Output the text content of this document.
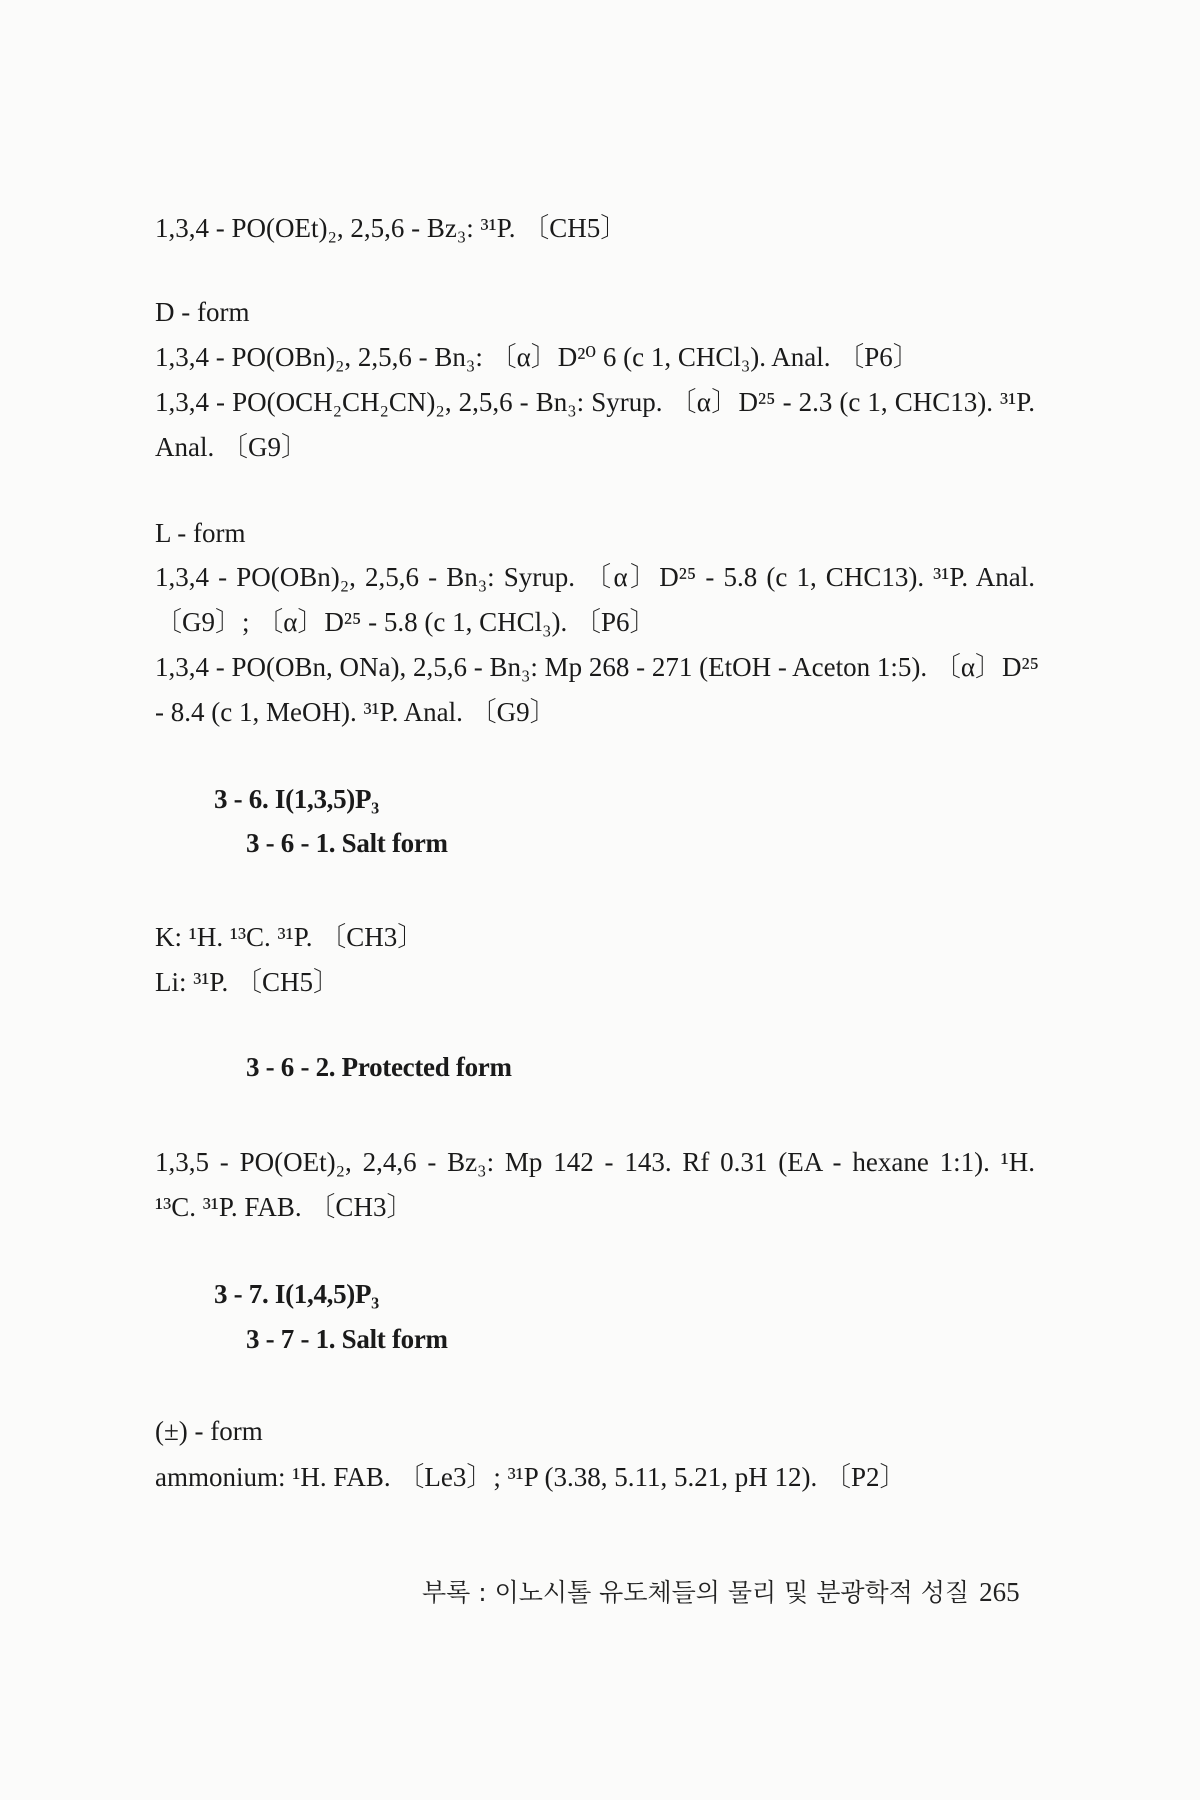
1,3,4 - PO(OEt)₂, 2,5,6 - Bz₃: ³¹P. 〔CH5〕
D - form
1,3,4 - PO(OBn)₂, 2,5,6 - Bn₃: 〔α〕D²⁰ 6 (c 1, CHCl₃). Anal. 〔P6〕
1,3,4 - PO(OCH₂CH₂CN)₂, 2,5,6 - Bn₃: Syrup. 〔α〕D²⁵ - 2.3 (c 1, CHC13). ³¹P.
Anal. 〔G9〕
L - form
1,3,4 - PO(OBn)₂, 2,5,6 - Bn₃: Syrup. 〔α〕D²⁵ - 5.8 (c 1, CHC13). ³¹P. Anal.
〔G9〕; 〔α〕D²⁵ - 5.8 (c 1, CHCl₃). 〔P6〕
1,3,4 - PO(OBn, ONa), 2,5,6 - Bn₃: Mp 268 - 271 (EtOH - Aceton 1:5). 〔α〕D²⁵
- 8.4 (c 1, MeOH). ³¹P. Anal. 〔G9〕
3 - 6. I(1,3,5)P₃
3 - 6 - 1. Salt form
K: ¹H. ¹³C. ³¹P. 〔CH3〕
Li: ³¹P. 〔CH5〕
3 - 6 - 2. Protected form
1,3,5 - PO(OEt)₂, 2,4,6 - Bz₃: Mp 142 - 143. Rf 0.31 (EA - hexane 1:1). ¹H.
¹³C. ³¹P. FAB. 〔CH3〕
3 - 7. I(1,4,5)P₃
3 - 7 - 1. Salt form
(±) - form
ammonium: ¹H. FAB. 〔Le3〕; ³¹P (3.38, 5.11, 5.21, pH 12). 〔P2〕
부록 : 이노시톨 유도체들의 물리 및 분광학적 성질 265
